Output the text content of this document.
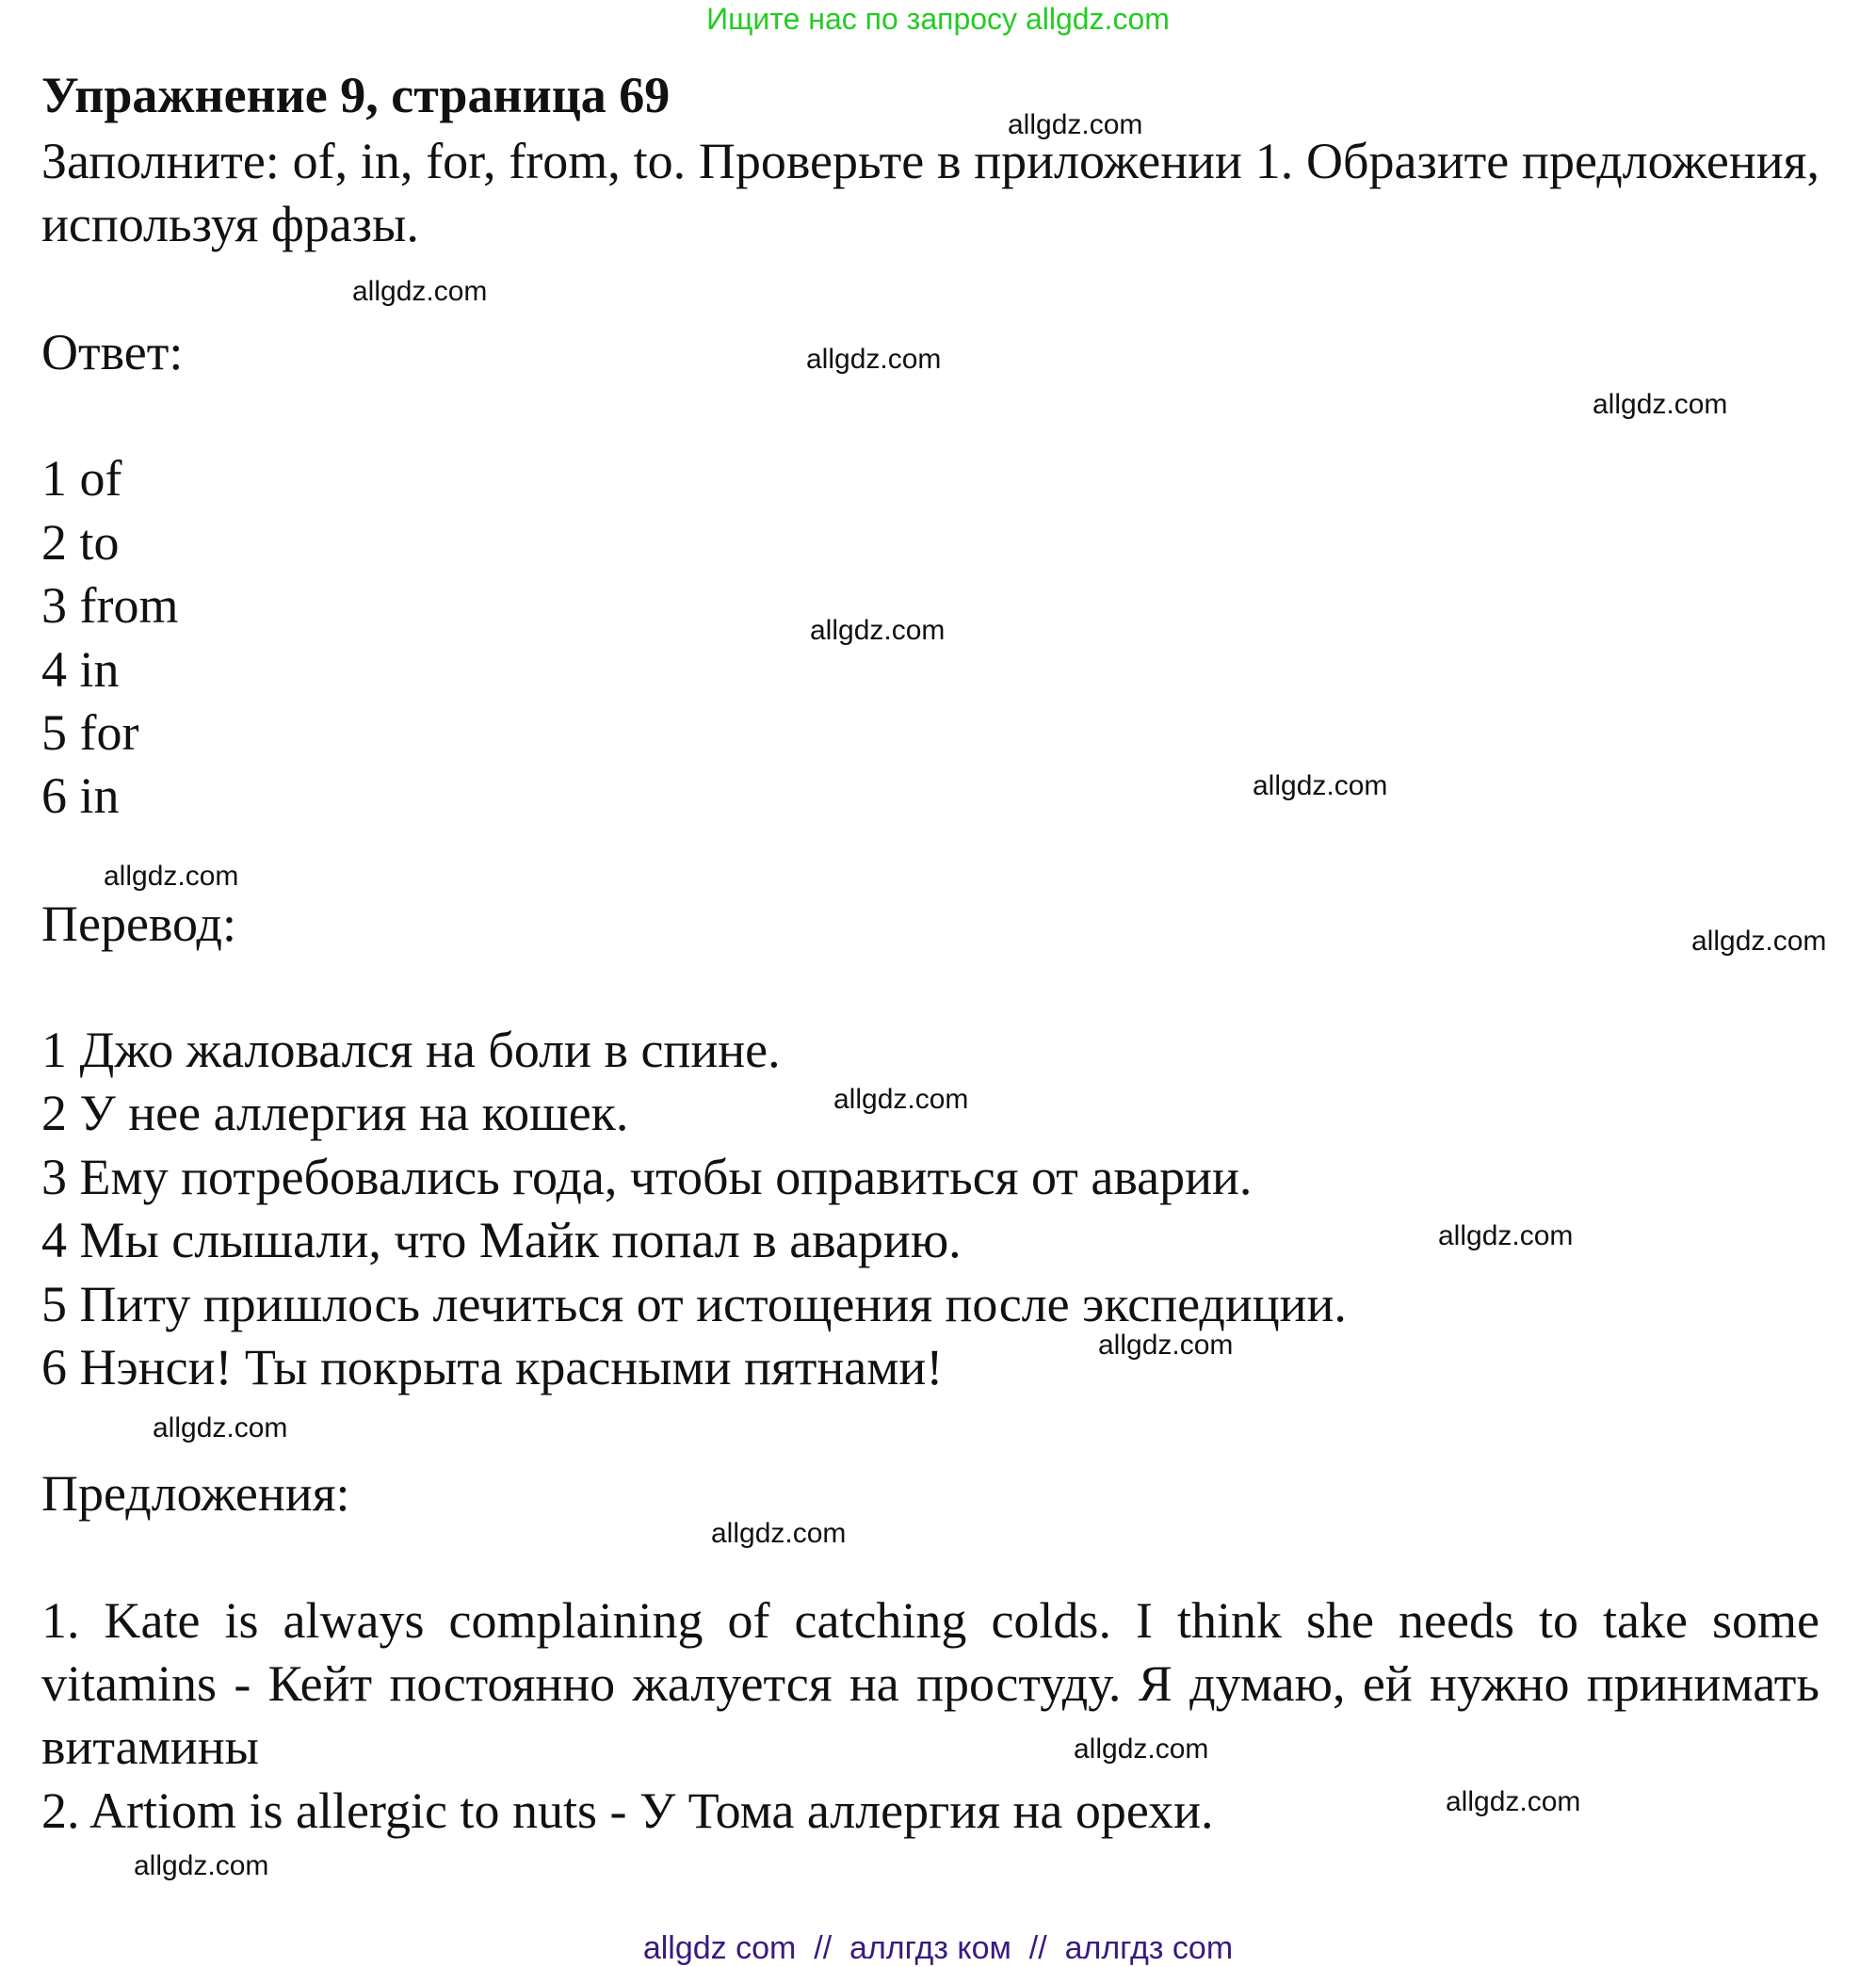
Ищите нас по запросу allgdz.com
Упражнение 9, страница 69
Заполните: of, in, for, from, to. Проверьте в приложении 1. Образите предложения, используя фразы.
Ответ:
1 of
2 to
3 from
4 in
5 for
6 in
Перевод:
1 Джо жаловался на боли в спине.
2 У нее аллергия на кошек.
3 Ему потребовались года, чтобы оправиться от аварии.
4 Мы слышали, что Майк попал в аварию.
5 Питу пришлось лечиться от истощения после экспедиции.
6 Нэнси! Ты покрыта красными пятнами!
Предложения:
1. Kate is always complaining of catching colds. I think she needs to take some vitamins - Кейт постоянно жалуется на простуду. Я думаю, ей нужно принимать витамины
2. Artiom is allergic to nuts - У Тома аллергия на орехи.
allgdz.com
allgdz.com
allgdz.com
allgdz.com
allgdz.com
allgdz.com
allgdz.com
allgdz.com
allgdz.com
allgdz.com
allgdz.com
allgdz.com
allgdz.com
allgdz.com
allgdz.com
allgdz.com
allgdz com  //  аллгдз ком  //  аллгдз com
